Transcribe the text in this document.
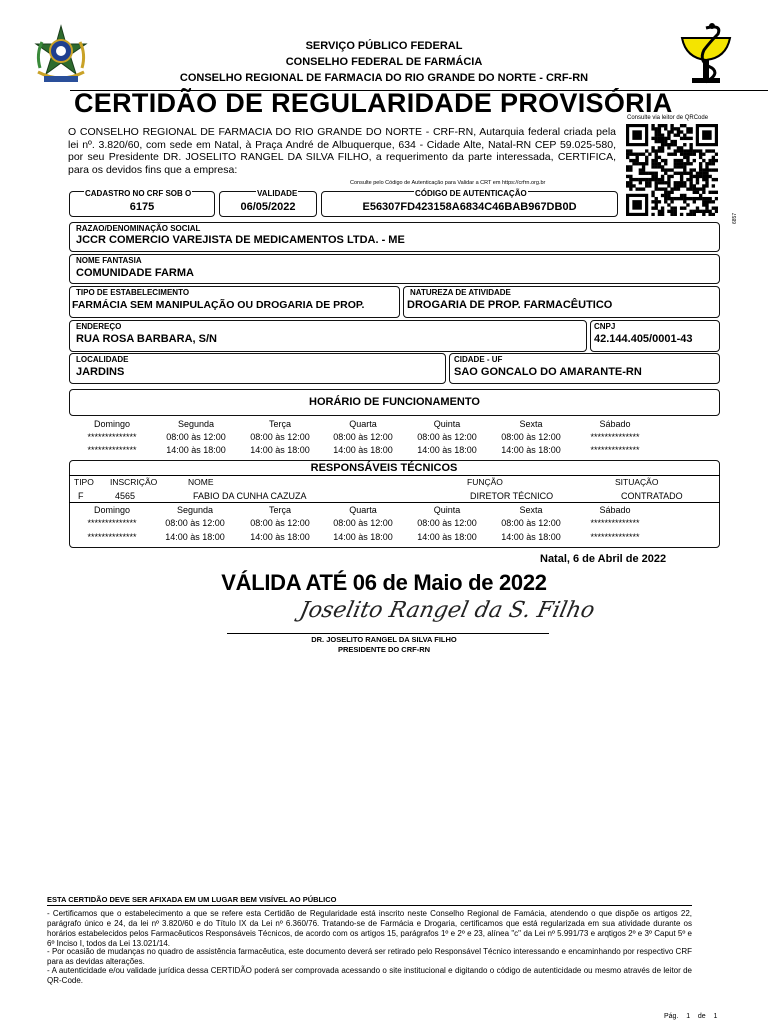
SERVIÇO PÚBLICO FEDERAL
CONSELHO FEDERAL DE FARMÁCIA
CONSELHO REGIONAL DE FARMACIA DO RIO GRANDE DO NORTE - CRF-RN
CERTIDÃO DE REGULARIDADE PROVISÓRIA
O CONSELHO REGIONAL DE FARMACIA DO RIO GRANDE DO NORTE - CRF-RN, Autarquia federal criada pela lei nº. 3.820/60, com sede em Natal, à Praça André de Albuquerque, 634 - Cidade Alte, Natal-RN CEP 59.025-580, por seu Presidente DR. JOSELITO RANGEL DA SILVA FILHO, a requerimento da parte interessada, CERTIFICA, para os devidos fins que a empresa:
Consulte via leitor de QRCode
6857
Consulte pelo Código de Autenticação para Validar a CRT em https://crfrn.org.br
CADASTRO NO CRF SOB O
6175
VALIDADE
06/05/2022
CÓDIGO DE AUTENTICAÇÃO
E56307FD423158A6834C46BAB967DB0D
RAZAO/DENOMINAÇÃO SOCIAL
JCCR COMERCIO VAREJISTA DE MEDICAMENTOS LTDA. - ME
NOME FANTASIA
COMUNIDADE FARMA
TIPO DE ESTABELECIMENTO
FARMÁCIA SEM MANIPULAÇÃO OU DROGARIA DE PROP.
NATUREZA DE ATIVIDADE
DROGARIA DE PROP. FARMACÊUTICO
ENDEREÇO
RUA ROSA BARBARA, S/N
CNPJ
42.144.405/0001-43
LOCALIDADE
JARDINS
CIDADE - UF
SAO GONCALO DO AMARANTE-RN
HORÁRIO DE FUNCIONAMENTO
Domingo	Segunda	Terça	Quarta	Quinta	Sexta	Sábado
**************	08:00 às 12:00	08:00 às 12:00	08:00 às 12:00	08:00 às 12:00	08:00 às 12:00	**************
**************	14:00 às 18:00	14:00 às 18:00	14:00 às 18:00	14:00 às 18:00	14:00 às 18:00	**************
RESPONSÁVEIS TÉCNICOS
TIPO INSCRIÇÃO	NOME	FUNÇÃO	SITUAÇÃO
F	4565	FABIO DA CUNHA CAZUZA	DIRETOR TÉCNICO	CONTRATADO
Domingo	Segunda	Terça	Quarta	Quinta	Sexta	Sábado
**************	08:00 às 12:00	08:00 às 12:00	08:00 às 12:00	08:00 às 12:00	08:00 às 12:00	**************
**************	14:00 às 18:00	14:00 às 18:00	14:00 às 18:00	14:00 às 18:00	14:00 às 18:00	**************
Natal, 6 de Abril de 2022
VÁLIDA ATÉ 06 de Maio de 2022
Joselito Rangel da S. Filho
DR. JOSELITO RANGEL DA SILVA FILHO
PRESIDENTE DO CRF-RN
ESTA CERTIDÃO DEVE SER AFIXADA EM UM LUGAR BEM VISÍVEL AO PÚBLICO
- Certificamos que o estabelecimento a que se refere esta Certidão de Regularidade está inscrito neste Conselho Regional de Famácia, atendendo o que dispõe os artigos 22, parágrafo único e 24, da lei nº 3.820/60 e do Título IX da Lei nº 6.360/76. Tratando-se de Farmácia e Drogaria, certificamos que está regularizada em sua atividade durante os horários estabelecidos pelos Farmacêuticos Responsáveis Técnicos, de acordo com os artigos 15, parágrafos 1º e 2º e 23, alínea "c" da Lei nº 5.991/73 e arqtigos 2º e 3º Caput 5º e 6º Inciso I, todos da Lei 13.021/14.
- Por ocasião de mudanças no quadro de assistência farmacêutica, este documento deverá ser retirado pelo Responsável Técnico interessando e encaminhando por respectivo CRF para as devidas alterações.
- A autenticidade e/ou validade jurídica dessa CERTIDÃO poderá ser comprovada acessando o site institucional e digitando o código de autenticidade ou mesmo através de leitor de QR-Code.
Pág. 1 de 1
